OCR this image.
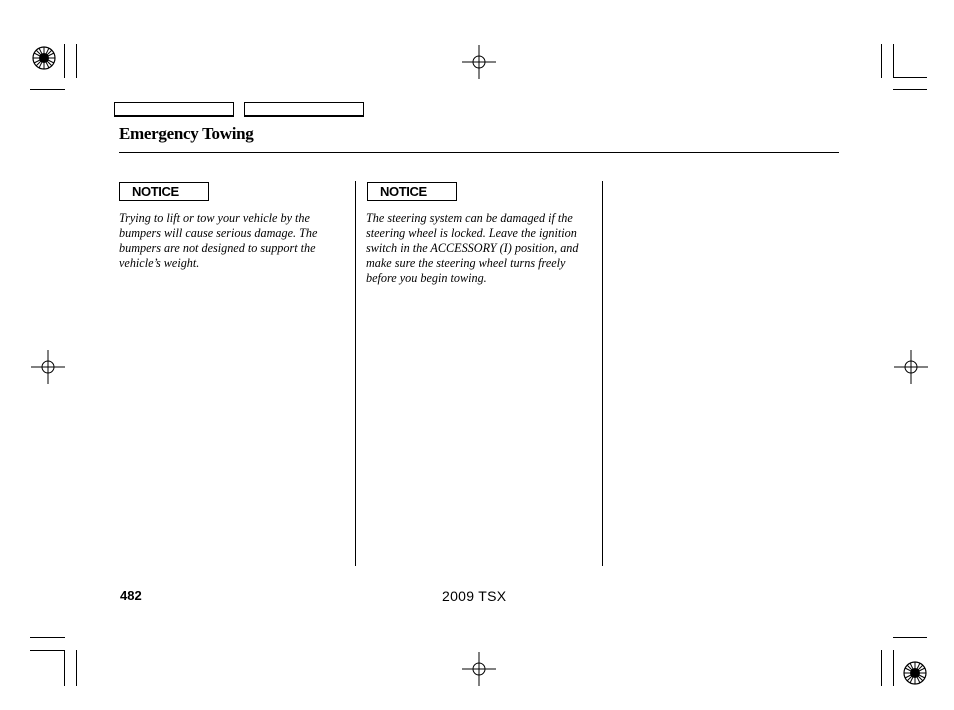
Emergency Towing
NOTICE
Trying to lift or tow your vehicle by the bumpers will cause serious damage. The bumpers are not designed to support the vehicle’s weight.
NOTICE
The steering system can be damaged if the steering wheel is locked. Leave the ignition switch in the ACCESSORY (I) position, and make sure the steering wheel turns freely before you begin towing.
482	2009 TSX
